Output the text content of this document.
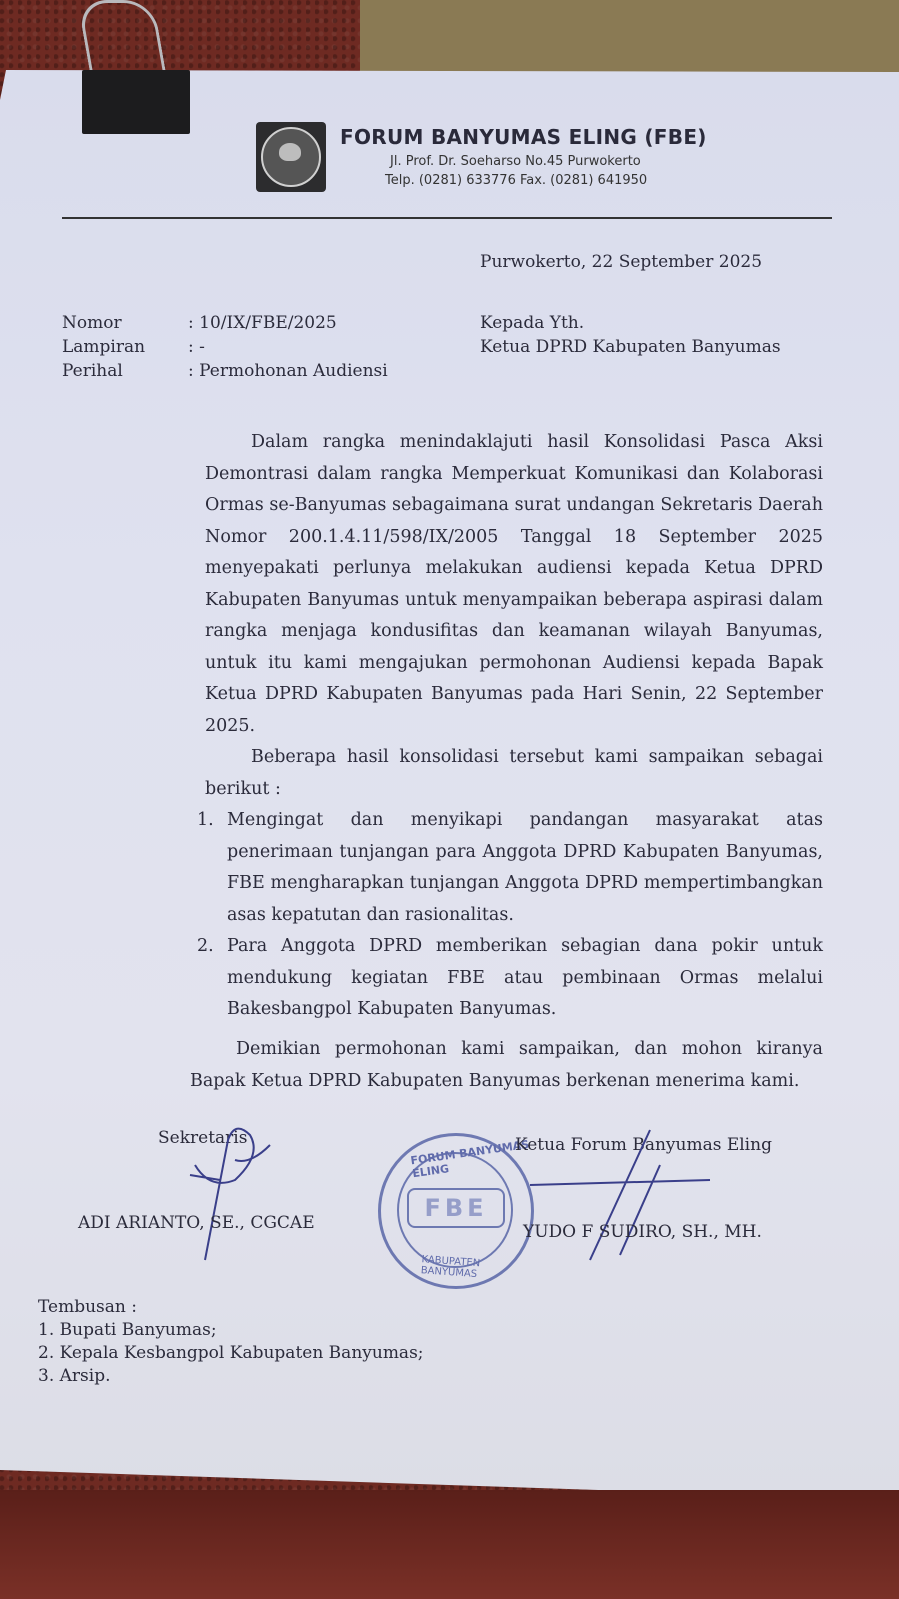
FORUM BANYUMAS ELING (FBE)
Jl. Prof. Dr. Soeharso No.45 Purwokerto
Telp. (0281) 633776 Fax. (0281) 641950
Purwokerto, 22 September 2025
Nomor	: 10/IX/FBE/2025
Lampiran	: -
Perihal	: Permohonan Audiensi
Kepada Yth.
Ketua DPRD Kabupaten Banyumas

Dalam rangka menindaklajuti hasil Konsolidasi Pasca Aksi Demontrasi dalam rangka Memperkuat Komunikasi dan Kolaborasi Ormas se-Banyumas sebagaimana surat undangan Sekretaris Daerah Nomor 200.1.4.11/598/IX/2005 Tanggal 18 September 2025 menyepakati perlunya melakukan audiensi kepada Ketua DPRD Kabupaten Banyumas untuk menyampaikan beberapa aspirasi dalam rangka menjaga kondusifitas dan keamanan wilayah Banyumas, untuk itu kami mengajukan permohonan Audiensi kepada Bapak Ketua DPRD Kabupaten Banyumas pada Hari Senin, 22 September 2025.

Beberapa hasil konsolidasi tersebut kami sampaikan sebagai berikut :

1. Mengingat dan menyikapi pandangan masyarakat atas penerimaan tunjangan para Anggota DPRD Kabupaten Banyumas, FBE mengharapkan tunjangan Anggota DPRD mempertimbangkan asas kepatutan dan rasionalitas.
2. Para Anggota DPRD memberikan sebagian dana pokir untuk mendukung kegiatan FBE atau pembinaan Ormas melalui Bakesbangpol Kabupaten Banyumas.

Demikian permohonan kami sampaikan, dan mohon kiranya Bapak Ketua DPRD Kabupaten Banyumas berkenan menerima kami.

Sekretaris
ADI ARIANTO, SE., CGCAE
FORUM BANYUMAS ELING
FBE
KABUPATEN BANYUMAS
Ketua Forum Banyumas Eling
YUDO F SUDIRO, SH., MH.
Tembusan :
1. Bupati Banyumas;
2. Kepala Kesbangpol Kabupaten Banyumas;
3. Arsip.
